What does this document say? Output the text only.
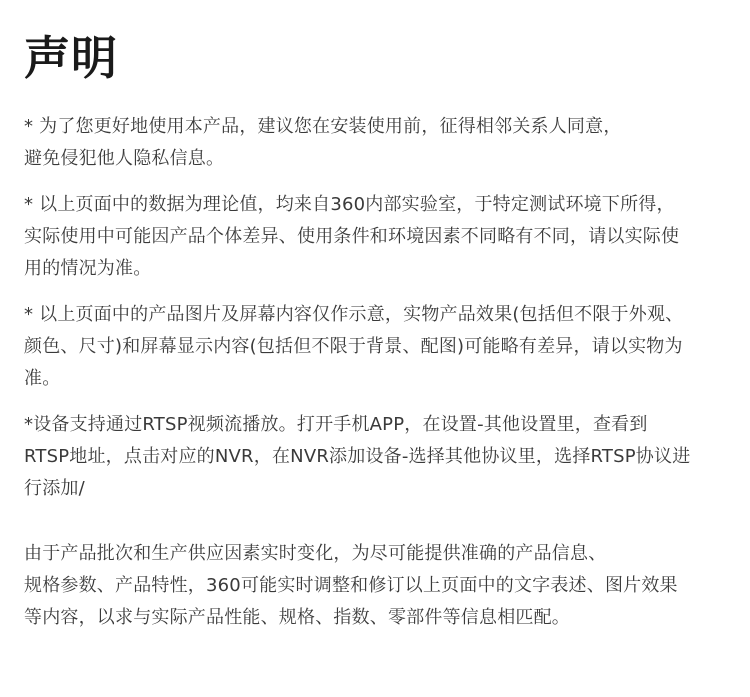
声明
* 为了您更好地使用本产品，建议您在安装使用前，征得相邻关系人同意，
避免侵犯他人隐私信息。
* 以上页面中的数据为理论值，均来自360内部实验室，于特定测试环境下所得，
实际使用中可能因产品个体差异、使用条件和环境因素不同略有不同，请以实际使
用的情况为准。
* 以上页面中的产品图片及屏幕内容仅作示意，实物产品效果(包括但不限于外观、
颜色、尺寸)和屏幕显示内容(包括但不限于背景、配图)可能略有差异，请以实物为
准。
*设备支持通过RTSP视频流播放。打开手机APP，在设置-其他设置里，查看到
RTSP地址，点击对应的NVR，在NVR添加设备-选择其他协议里，选择RTSP协议进
行添加/
由于产品批次和生产供应因素实时变化，为尽可能提供准确的产品信息、
规格参数、产品特性，360可能实时调整和修订以上页面中的文字表述、图片效果
等内容，以求与实际产品性能、规格、指数、零部件等信息相匹配。
